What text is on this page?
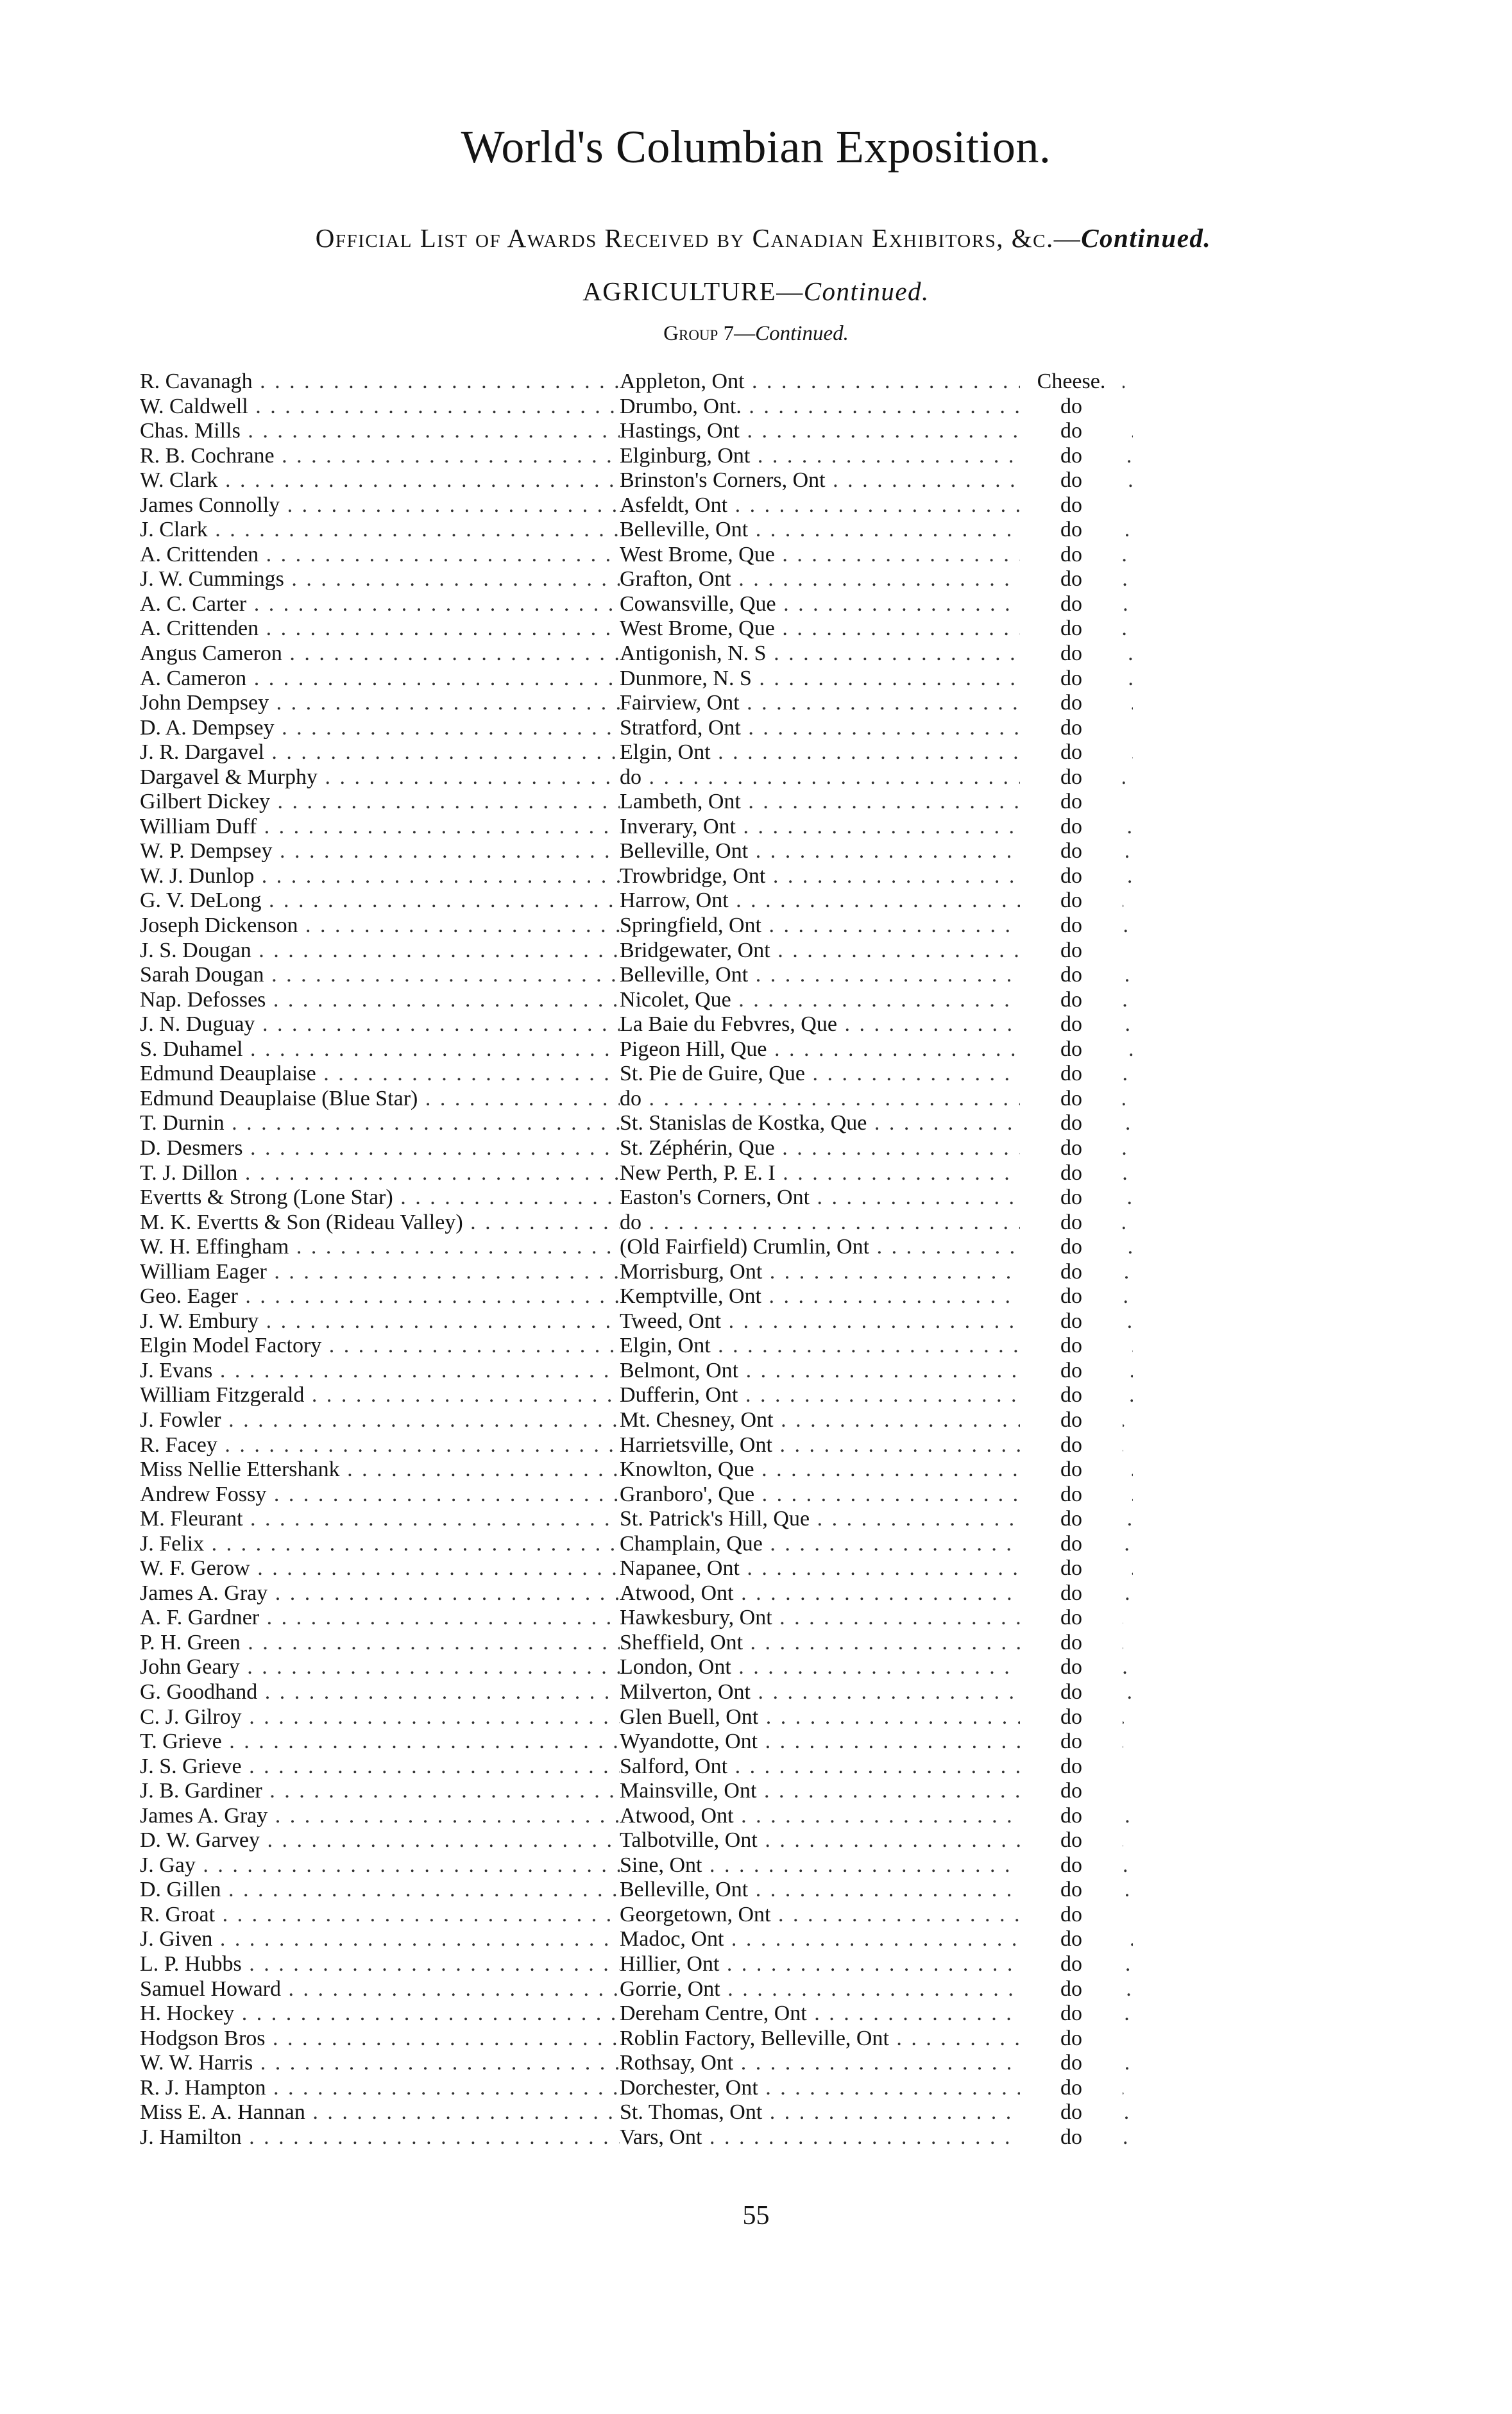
World's Columbian Exposition.
Official List of Awards Received by Canadian Exhibitors, &c.—Continued.
AGRICULTURE—Continued.
Group 7—Continued.
R. Cavanagh . . .	Appleton, Ont . . .	Cheese.
W. Caldwell . . .	Drumbo, Ont. . . .	do
Chas. Mills . . .	Hastings, Ont . . .	do
R. B. Cochrane . . .	Elginburg, Ont . . .	do
W. Clark . . .	Brinston's Corners, Ont . . .	do
James Connolly . . .	Asfeldt, Ont . . .	do
J. Clark . . .	Belleville, Ont . . .	do
A. Crittenden . . .	West Brome, Que . . .	do
J. W. Cummings . . .	Grafton, Ont . . .	do
A. C. Carter . . .	Cowansville, Que . . .	do
A. Crittenden . . .	West Brome, Que . . .	do
Angus Cameron . . .	Antigonish, N. S . . .	do
A. Cameron . . .	Dunmore, N. S . . .	do
John Dempsey . . .	Fairview, Ont . . .	do
D. A. Dempsey . . .	Stratford, Ont . . .	do
J. R. Dargavel . . .	Elgin, Ont . . .	do
Dargavel & Murphy . . .	do . . .	do
Gilbert Dickey . . .	Lambeth, Ont . . .	do
William Duff . . .	Inverary, Ont . . .	do
W. P. Dempsey . . .	Belleville, Ont . . .	do
W. J. Dunlop . . .	Trowbridge, Ont . . .	do
G. V. DeLong . . .	Harrow, Ont . . .	do
Joseph Dickenson . . .	Springfield, Ont . . .	do
J. S. Dougan . . .	Bridgewater, Ont . . .	do
Sarah Dougan . . .	Belleville, Ont . . .	do
Nap. Defosses . . .	Nicolet, Que . . .	do
J. N. Duguay . . .	La Baie du Febvres, Que . . .	do
S. Duhamel . . .	Pigeon Hill, Que . . .	do
Edmund Deauplaise . . .	St. Pie de Guire, Que . . .	do
Edmund Deauplaise (Blue Star) . . .	do . . .	do
T. Durnin . . .	St. Stanislas de Kostka, Que . . .	do
D. Desmers . . .	St. Zéphérin, Que . . .	do
T. J. Dillon . . .	New Perth, P. E. I . . .	do
Evertts & Strong (Lone Star) . . .	Easton's Corners, Ont . . .	do
M. K. Evertts & Son (Rideau Valley) . . .	do . . .	do
W. H. Effingham . . .	(Old Fairfield) Crumlin, Ont . . .	do
William Eager . . .	Morrisburg, Ont . . .	do
Geo. Eager . . .	Kemptville, Ont . . .	do
J. W. Embury . . .	Tweed, Ont . . .	do
Elgin Model Factory . . .	Elgin, Ont . . .	do
J. Evans . . .	Belmont, Ont . . .	do
William Fitzgerald . . .	Dufferin, Ont . . .	do
J. Fowler . . .	Mt. Chesney, Ont . . .	do
R. Facey . . .	Harrietsville, Ont . . .	do
Miss Nellie Ettershank . . .	Knowlton, Que . . .	do
Andrew Fossy . . .	Granboro', Que . . .	do
M. Fleurant . . .	St. Patrick's Hill, Que . . .	do
J. Felix . . .	Champlain, Que . . .	do
W. F. Gerow . . .	Napanee, Ont . . .	do
James A. Gray . . .	Atwood, Ont . . .	do
A. F. Gardner . . .	Hawkesbury, Ont . . .	do
P. H. Green . . .	Sheffield, Ont . . .	do
John Geary . . .	London, Ont . . .	do
G. Goodhand . . .	Milverton, Ont . . .	do
C. J. Gilroy . . .	Glen Buell, Ont . . .	do
T. Grieve . . .	Wyandotte, Ont . . .	do
J. S. Grieve . . .	Salford, Ont . . .	do
J. B. Gardiner . . .	Mainsville, Ont . . .	do
James A. Gray . . .	Atwood, Ont . . .	do
D. W. Garvey . . .	Talbotville, Ont . . .	do
J. Gay . . .	Sine, Ont . . .	do
D. Gillen . . .	Belleville, Ont . . .	do
R. Groat . . .	Georgetown, Ont . . .	do
J. Given . . .	Madoc, Ont . . .	do
L. P. Hubbs . . .	Hillier, Ont . . .	do
Samuel Howard . . .	Gorrie, Ont . . .	do
H. Hockey . . .	Dereham Centre, Ont . . .	do
Hodgson Bros . . .	Roblin Factory, Belleville, Ont . . .	do
W. W. Harris . . .	Rothsay, Ont . . .	do
R. J. Hampton . . .	Dorchester, Ont . . .	do
Miss E. A. Hannan . . .	St. Thomas, Ont . . .	do
J. Hamilton . . .	Vars, Ont . . .	do
55
